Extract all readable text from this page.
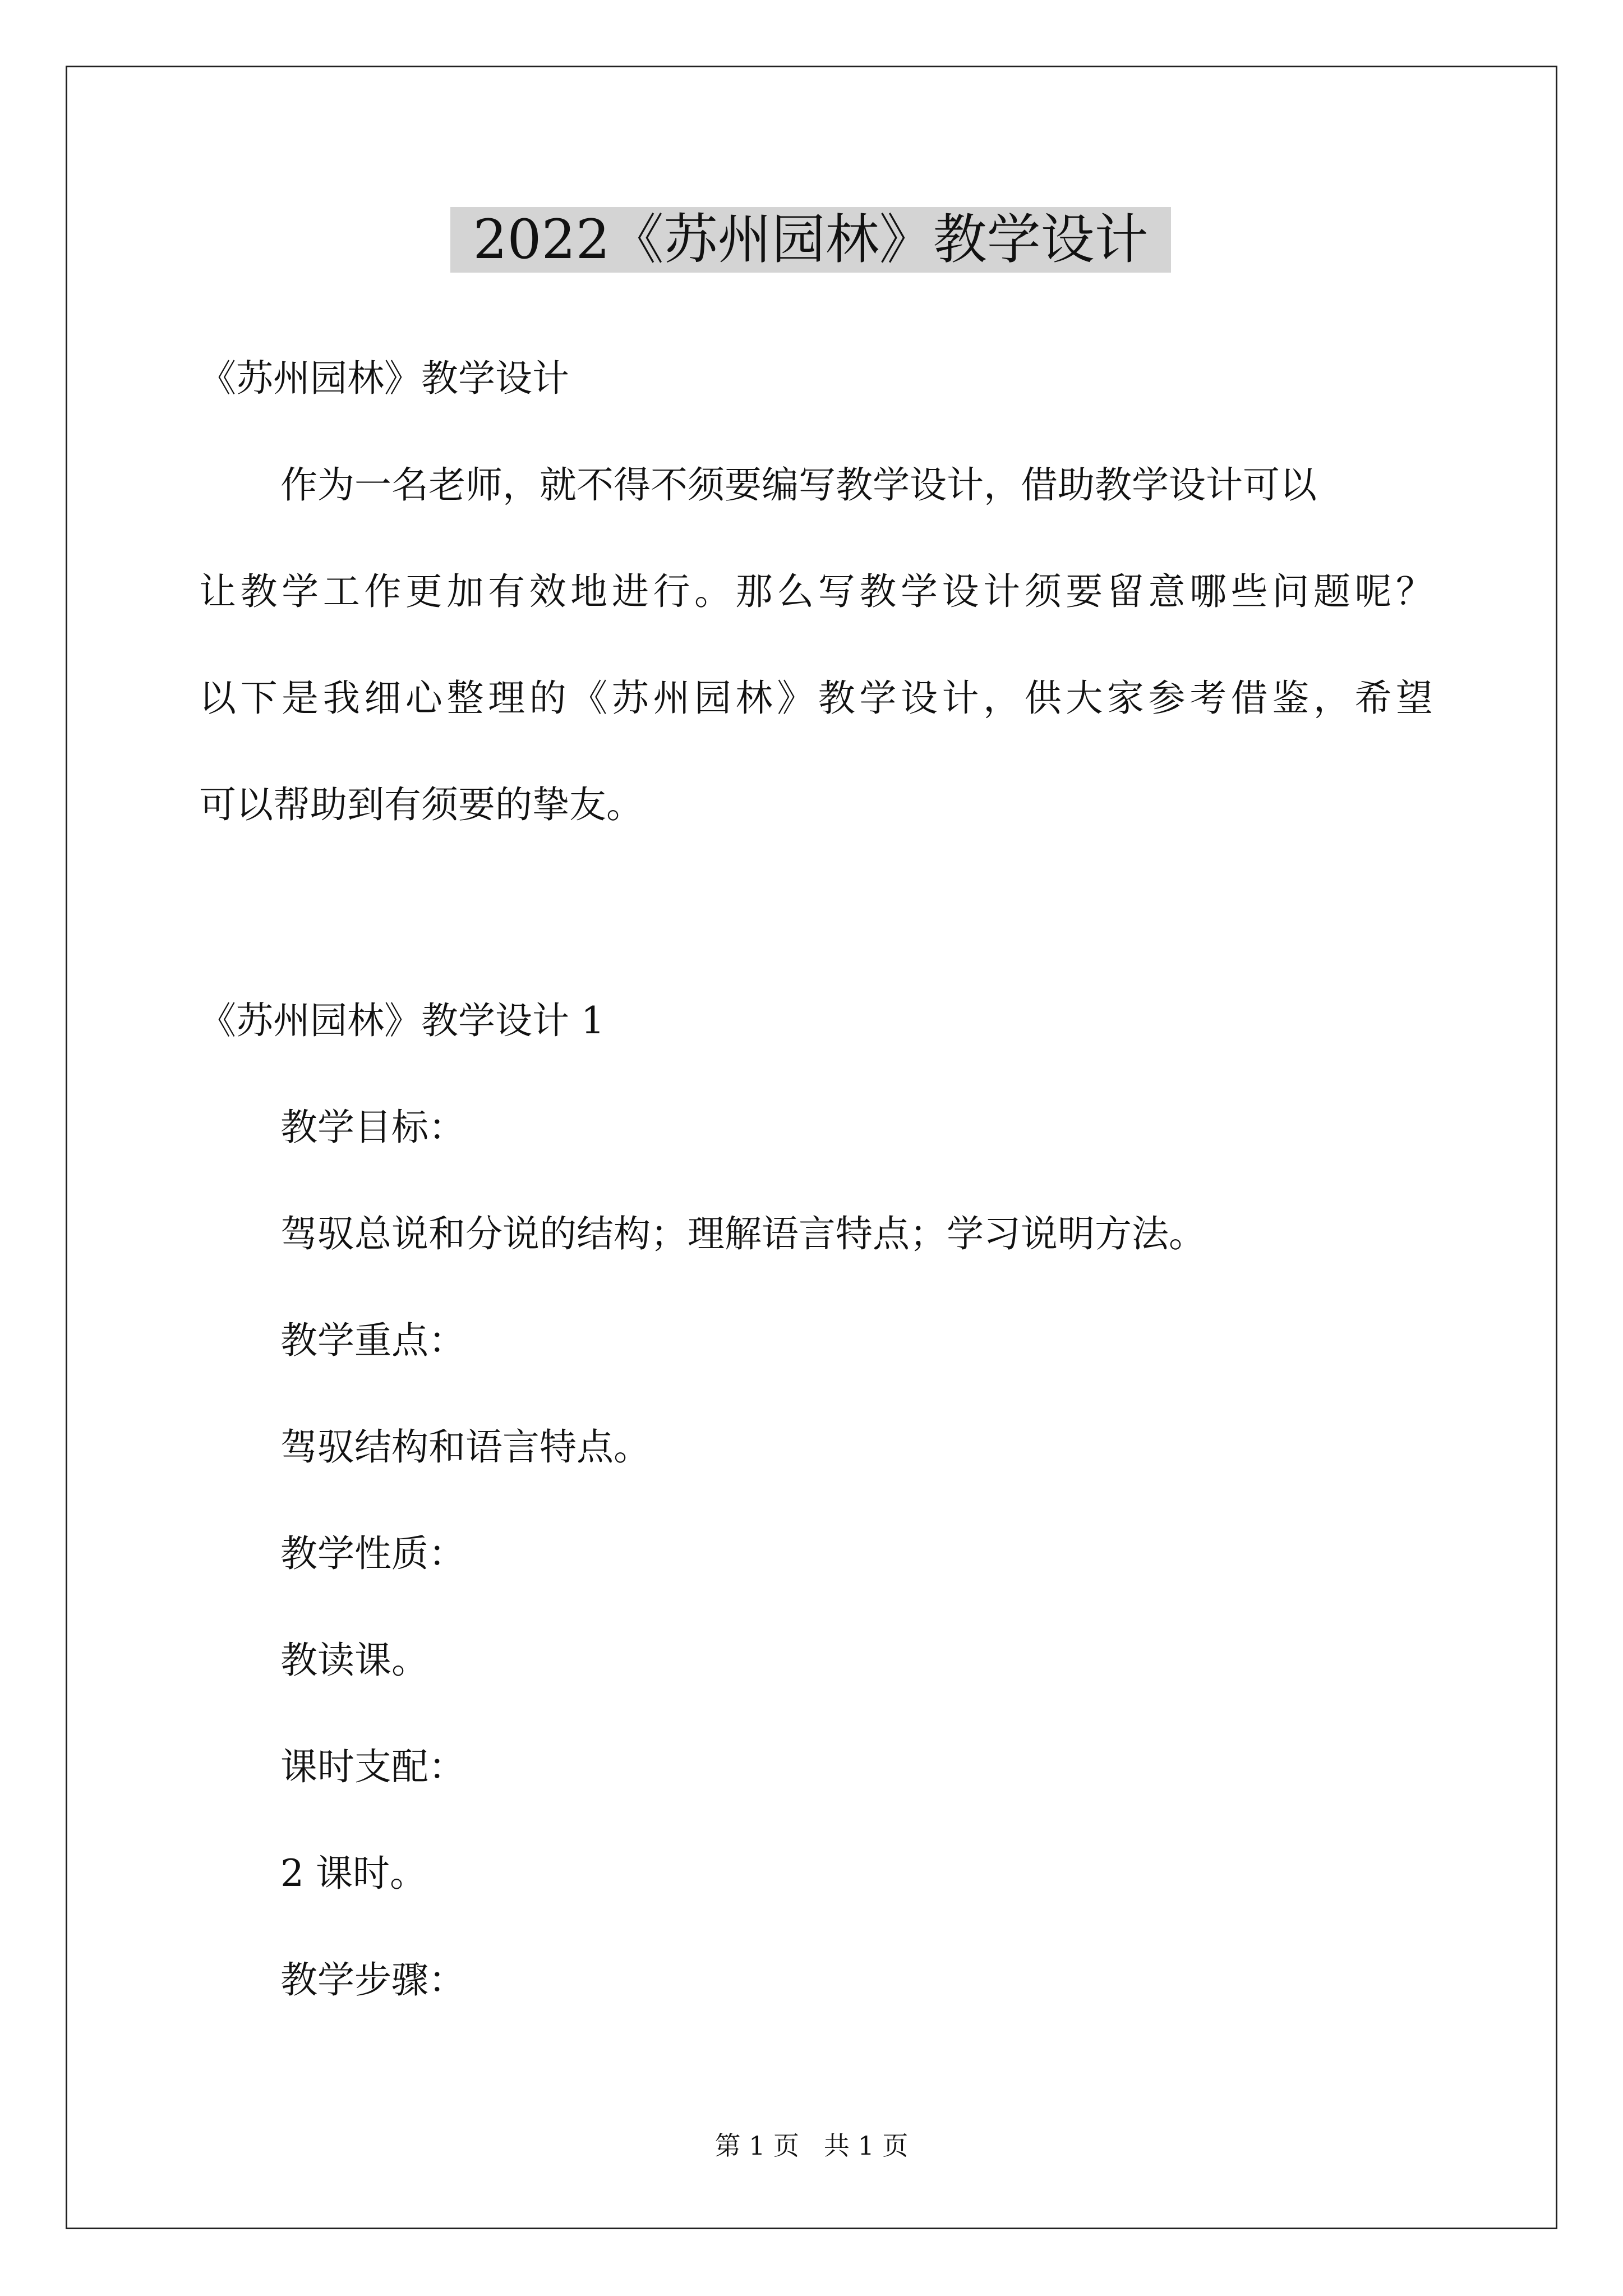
2022《苏州园林》教学设计
《苏州园林》教学设计
作为一名老师，就不得不须要编写教学设计，借助教学设计可以
让教学工作更加有效地进行。那么写教学设计须要留意哪些问题呢？
以下是我细心整理的《苏州园林》教学设计，供大家参考借鉴，希望
可以帮助到有须要的挚友。
《苏州园林》教学设计 1
教学目标：
驾驭总说和分说的结构；理解语言特点；学习说明方法。
教学重点：
驾驭结构和语言特点。
教学性质：
教读课。
课时支配：
2 课时。
教学步骤：
第 1 页   共 1 页
